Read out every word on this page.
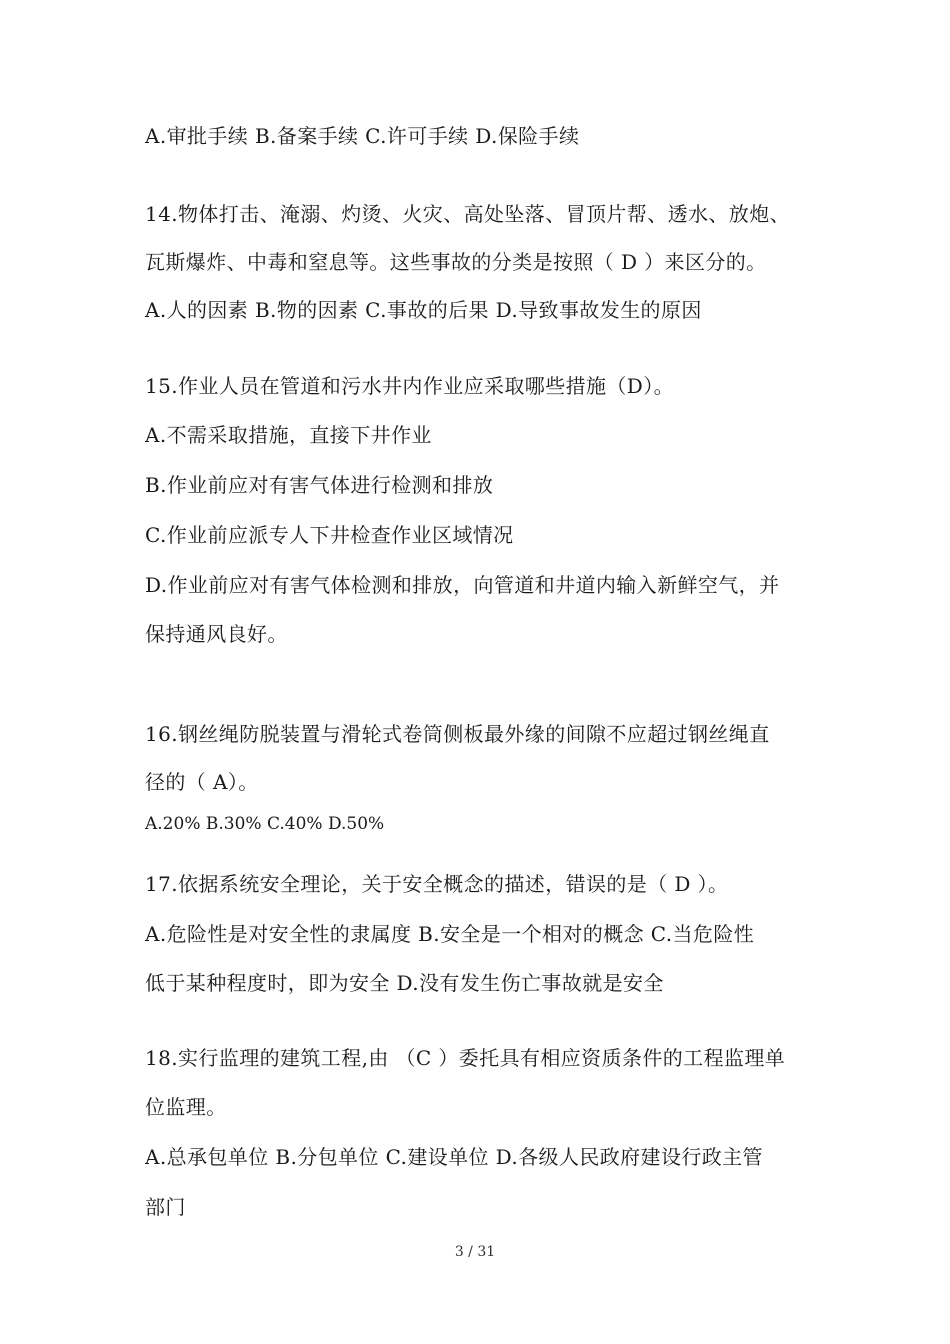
A.审批手续 B.备案手续 C.许可手续 D.保险手续
14.物体打击、淹溺、灼烫、火灾、高处坠落、冒顶片帮、透水、放炮、
瓦斯爆炸、中毒和窒息等。这些事故的分类是按照（ D ）来区分的。
A.人的因素 B.物的因素 C.事故的后果 D.导致事故发生的原因
15.作业人员在管道和污水井内作业应采取哪些措施（D）。
A.不需采取措施，直接下井作业
B.作业前应对有害气体进行检测和排放
C.作业前应派专人下井检查作业区域情况
D.作业前应对有害气体检测和排放，向管道和井道内输入新鲜空气，并
保持通风良好。
16.钢丝绳防脱装置与滑轮式卷筒侧板最外缘的间隙不应超过钢丝绳直
径的（ A）。
A.20% B.30% C.40% D.50%
17.依据系统安全理论，关于安全概念的描述，错误的是（ D ）。
A.危险性是对安全性的隶属度 B.安全是一个相对的概念 C.当危险性
低于某种程度时，即为安全 D.没有发生伤亡事故就是安全
18.实行监理的建筑工程,由 （C ）委托具有相应资质条件的工程监理单
位监理。
A.总承包单位 B.分包单位 C.建设单位 D.各级人民政府建设行政主管
部门
3 / 31
